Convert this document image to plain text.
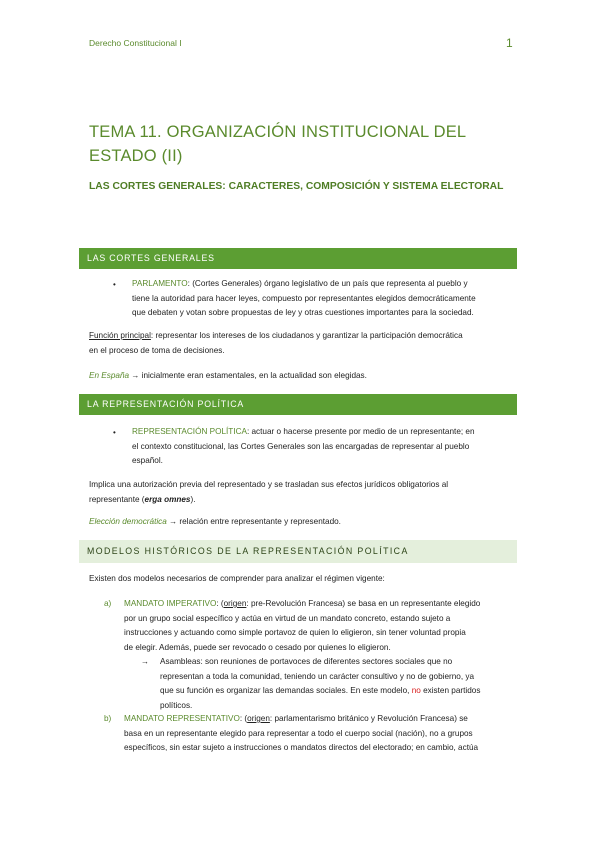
Derecho Constitucional I	1
TEMA 11. ORGANIZACIÓN INSTITUCIONAL DEL ESTADO (II)
LAS CORTES GENERALES: CARACTERES, COMPOSICIÓN Y SISTEMA ELECTORAL
LAS CORTES GENERALES
• PARLAMENTO: (Cortes Generales) órgano legislativo de un país que representa al pueblo y
tiene la autoridad para hacer leyes, compuesto por representantes elegidos democráticamente
que debaten y votan sobre propuestas de ley y otras cuestiones importantes para la sociedad.
Función principal: representar los intereses de los ciudadanos y garantizar la participación democrática
en el proceso de toma de decisiones.
En España → inicialmente eran estamentales, en la actualidad son elegidas.
LA REPRESENTACIÓN POLÍTICA
• REPRESENTACIÓN POLÍTICA: actuar o hacerse presente por medio de un representante; en
el contexto constitucional, las Cortes Generales son las encargadas de representar al pueblo
español.
Implica una autorización previa del representado y se trasladan sus efectos jurídicos obligatorios al
representante (erga omnes).
Elección democrática → relación entre representante y representado.
MODELOS HISTÓRICOS DE LA REPRESENTACIÓN POLÍTICA
Existen dos modelos necesarios de comprender para analizar el régimen vigente:
a)	MANDATO IMPERATIVO: (origen: pre-Revolución Francesa) se basa en un representante elegido
por un grupo social específico y actúa en virtud de un mandato concreto, estando sujeto a
instrucciones y actuando como simple portavoz de quien lo eligieron, sin tener voluntad propia
de elegir. Además, puede ser revocado o cesado por quienes lo eligieron.
→	Asambleas: son reuniones de portavoces de diferentes sectores sociales que no
representan a toda la comunidad, teniendo un carácter consultivo y no de gobierno, ya
que su función es organizar las demandas sociales. En este modelo, no existen partidos
políticos.
b)	MANDATO REPRESENTATIVO: (origen: parlamentarismo británico y Revolución Francesa) se
basa en un representante elegido para representar a todo el cuerpo social (nación), no a grupos
específicos, sin estar sujeto a instrucciones o mandatos directos del electorado; en cambio, actúa
